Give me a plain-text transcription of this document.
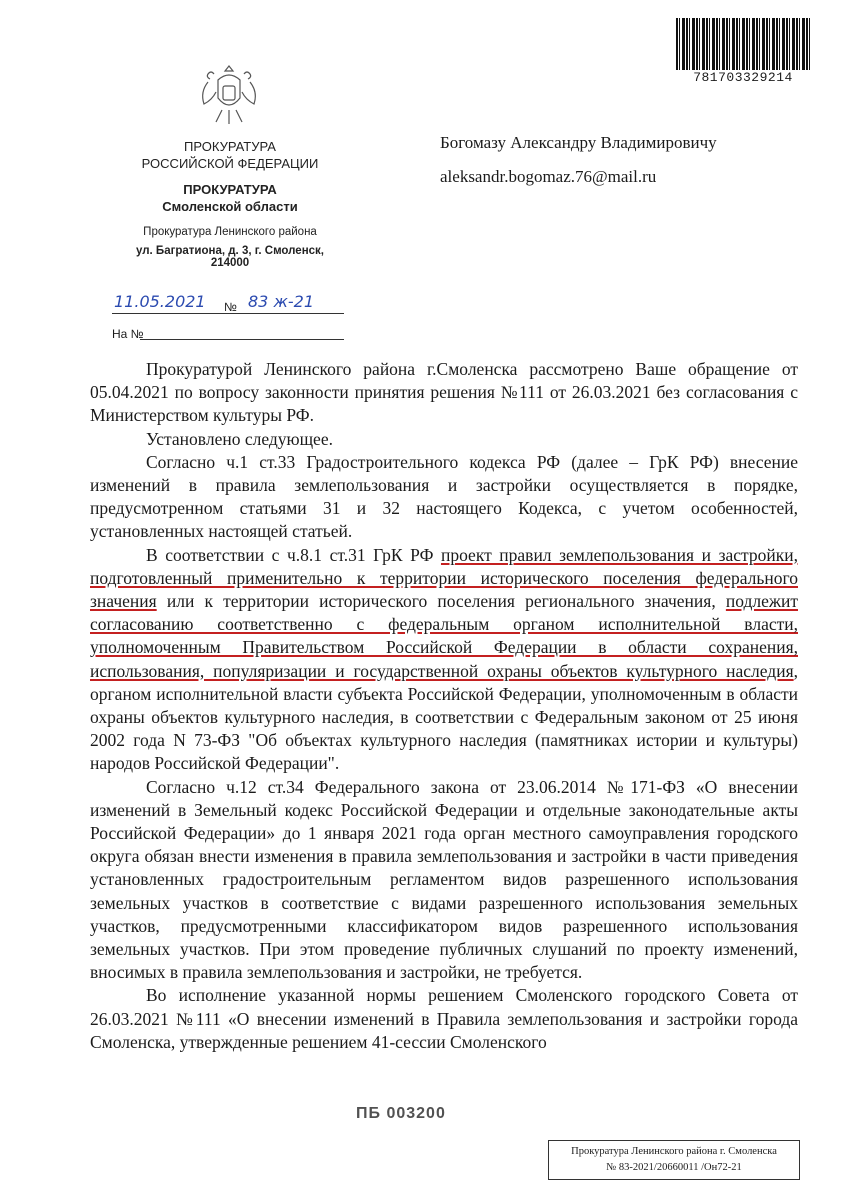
781703329214
ПРОКУРАТУРА
РОССИЙСКОЙ ФЕДЕРАЦИИ
ПРОКУРАТУРА
Смоленской области
Прокуратура Ленинского района
ул. Багратиона, д. 3, г. Смоленск, 214000
Богомазу Александру Владимировичу
aleksandr.bogomaz.76@mail.ru
11.05.2021 № 83 ж-21
На №

Прокуратурой Ленинского района г.Смоленска рассмотрено Ваше обращение от 05.04.2021 по вопросу законности принятия решения №111 от 26.03.2021 без согласования с Министерством культуры РФ.

Установлено следующее.

Согласно ч.1 ст.33 Градостроительного кодекса РФ (далее – ГрК РФ) внесение изменений в правила землепользования и застройки осуществляется в порядке, предусмотренном статьями 31 и 32 настоящего Кодекса, с учетом особенностей, установленных настоящей статьей.

В соответствии с ч.8.1 ст.31 ГрК РФ проект правил землепользования и застройки, подготовленный применительно к территории исторического поселения федерального значения или к территории исторического поселения регионального значения, подлежит согласованию соответственно с федеральным органом исполнительной власти, уполномоченным Правительством Российской Федерации в области сохранения, использования, популяризации и государственной охраны объектов культурного наследия, органом исполнительной власти субъекта Российской Федерации, уполномоченным в области охраны объектов культурного наследия, в соответствии с Федеральным законом от 25 июня 2002 года N 73-ФЗ "Об объектах культурного наследия (памятниках истории и культуры) народов Российской Федерации".

Согласно ч.12 ст.34 Федерального закона от 23.06.2014 №171-ФЗ «О внесении изменений в Земельный кодекс Российской Федерации и отдельные законодательные акты Российской Федерации» до 1 января 2021 года орган местного самоуправления городского округа обязан внести изменения в правила землепользования и застройки в части приведения установленных градостроительным регламентом видов разрешенного использования земельных участков в соответствие с видами разрешенного использования земельных участков, предусмотренными классификатором видов разрешенного использования земельных участков. При этом проведение публичных слушаний по проекту изменений, вносимых в правила землепользования и застройки, не требуется.

Во исполнение указанной нормы решением Смоленского городского Совета от 26.03.2021 №111 «О внесении изменений в Правила землепользования и застройки города Смоленска, утвержденные решением 41-сессии Смоленского

ПБ 003200
Прокуратура Ленинского района г. Смоленска
№ 83-2021/20660011 /Он72-21
